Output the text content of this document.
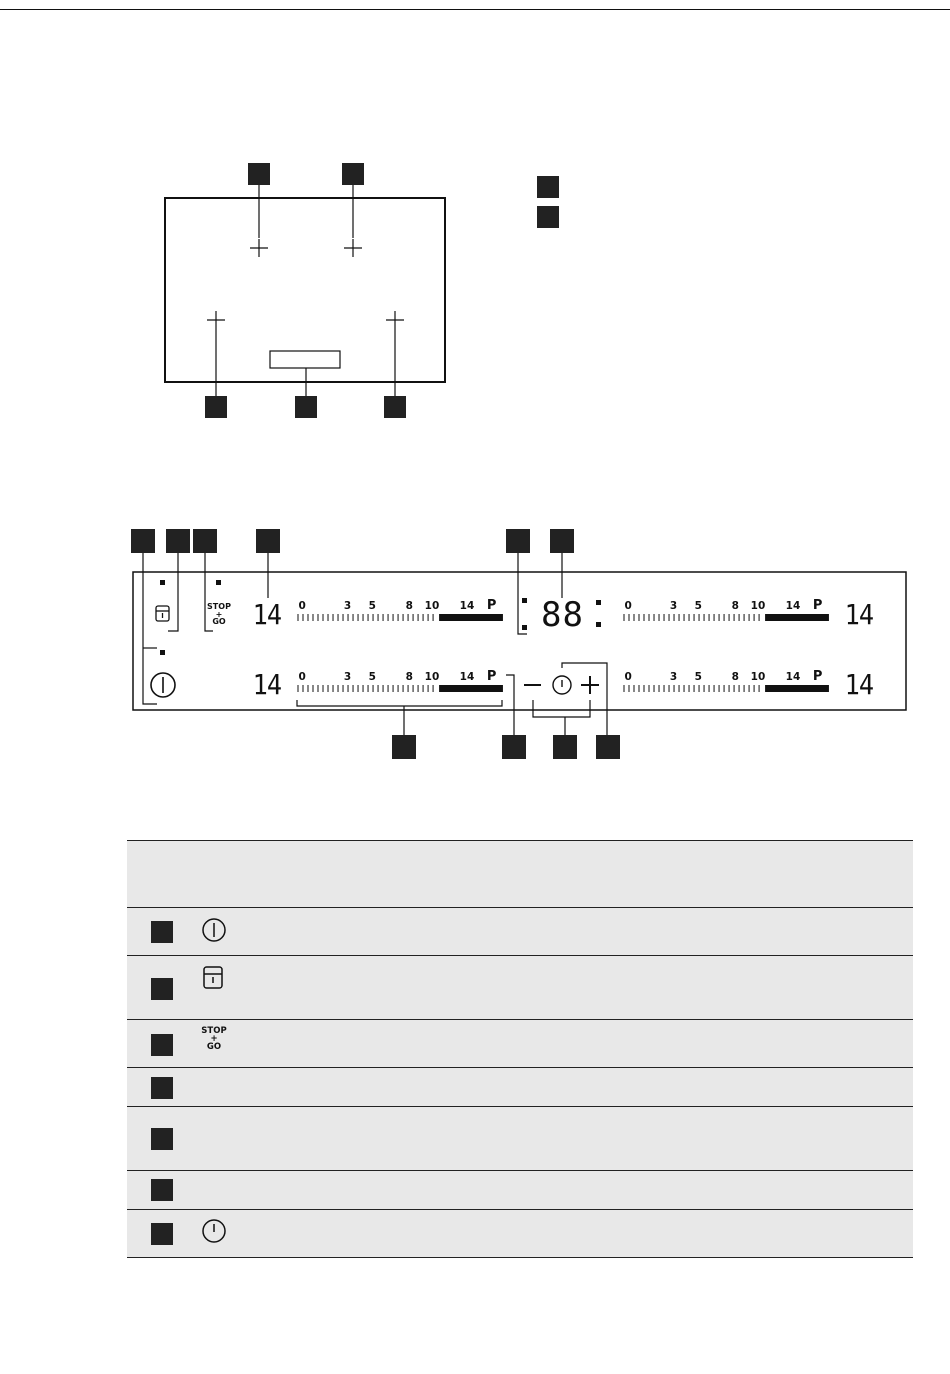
0	3 5	8 10 14 P
0	3 5	8 10 14 P
0	3 5	8 10 14 P
0	3 5	8 10 14 P
STOP
+
GO 14
14
14
14
88
STOP
+
GO
